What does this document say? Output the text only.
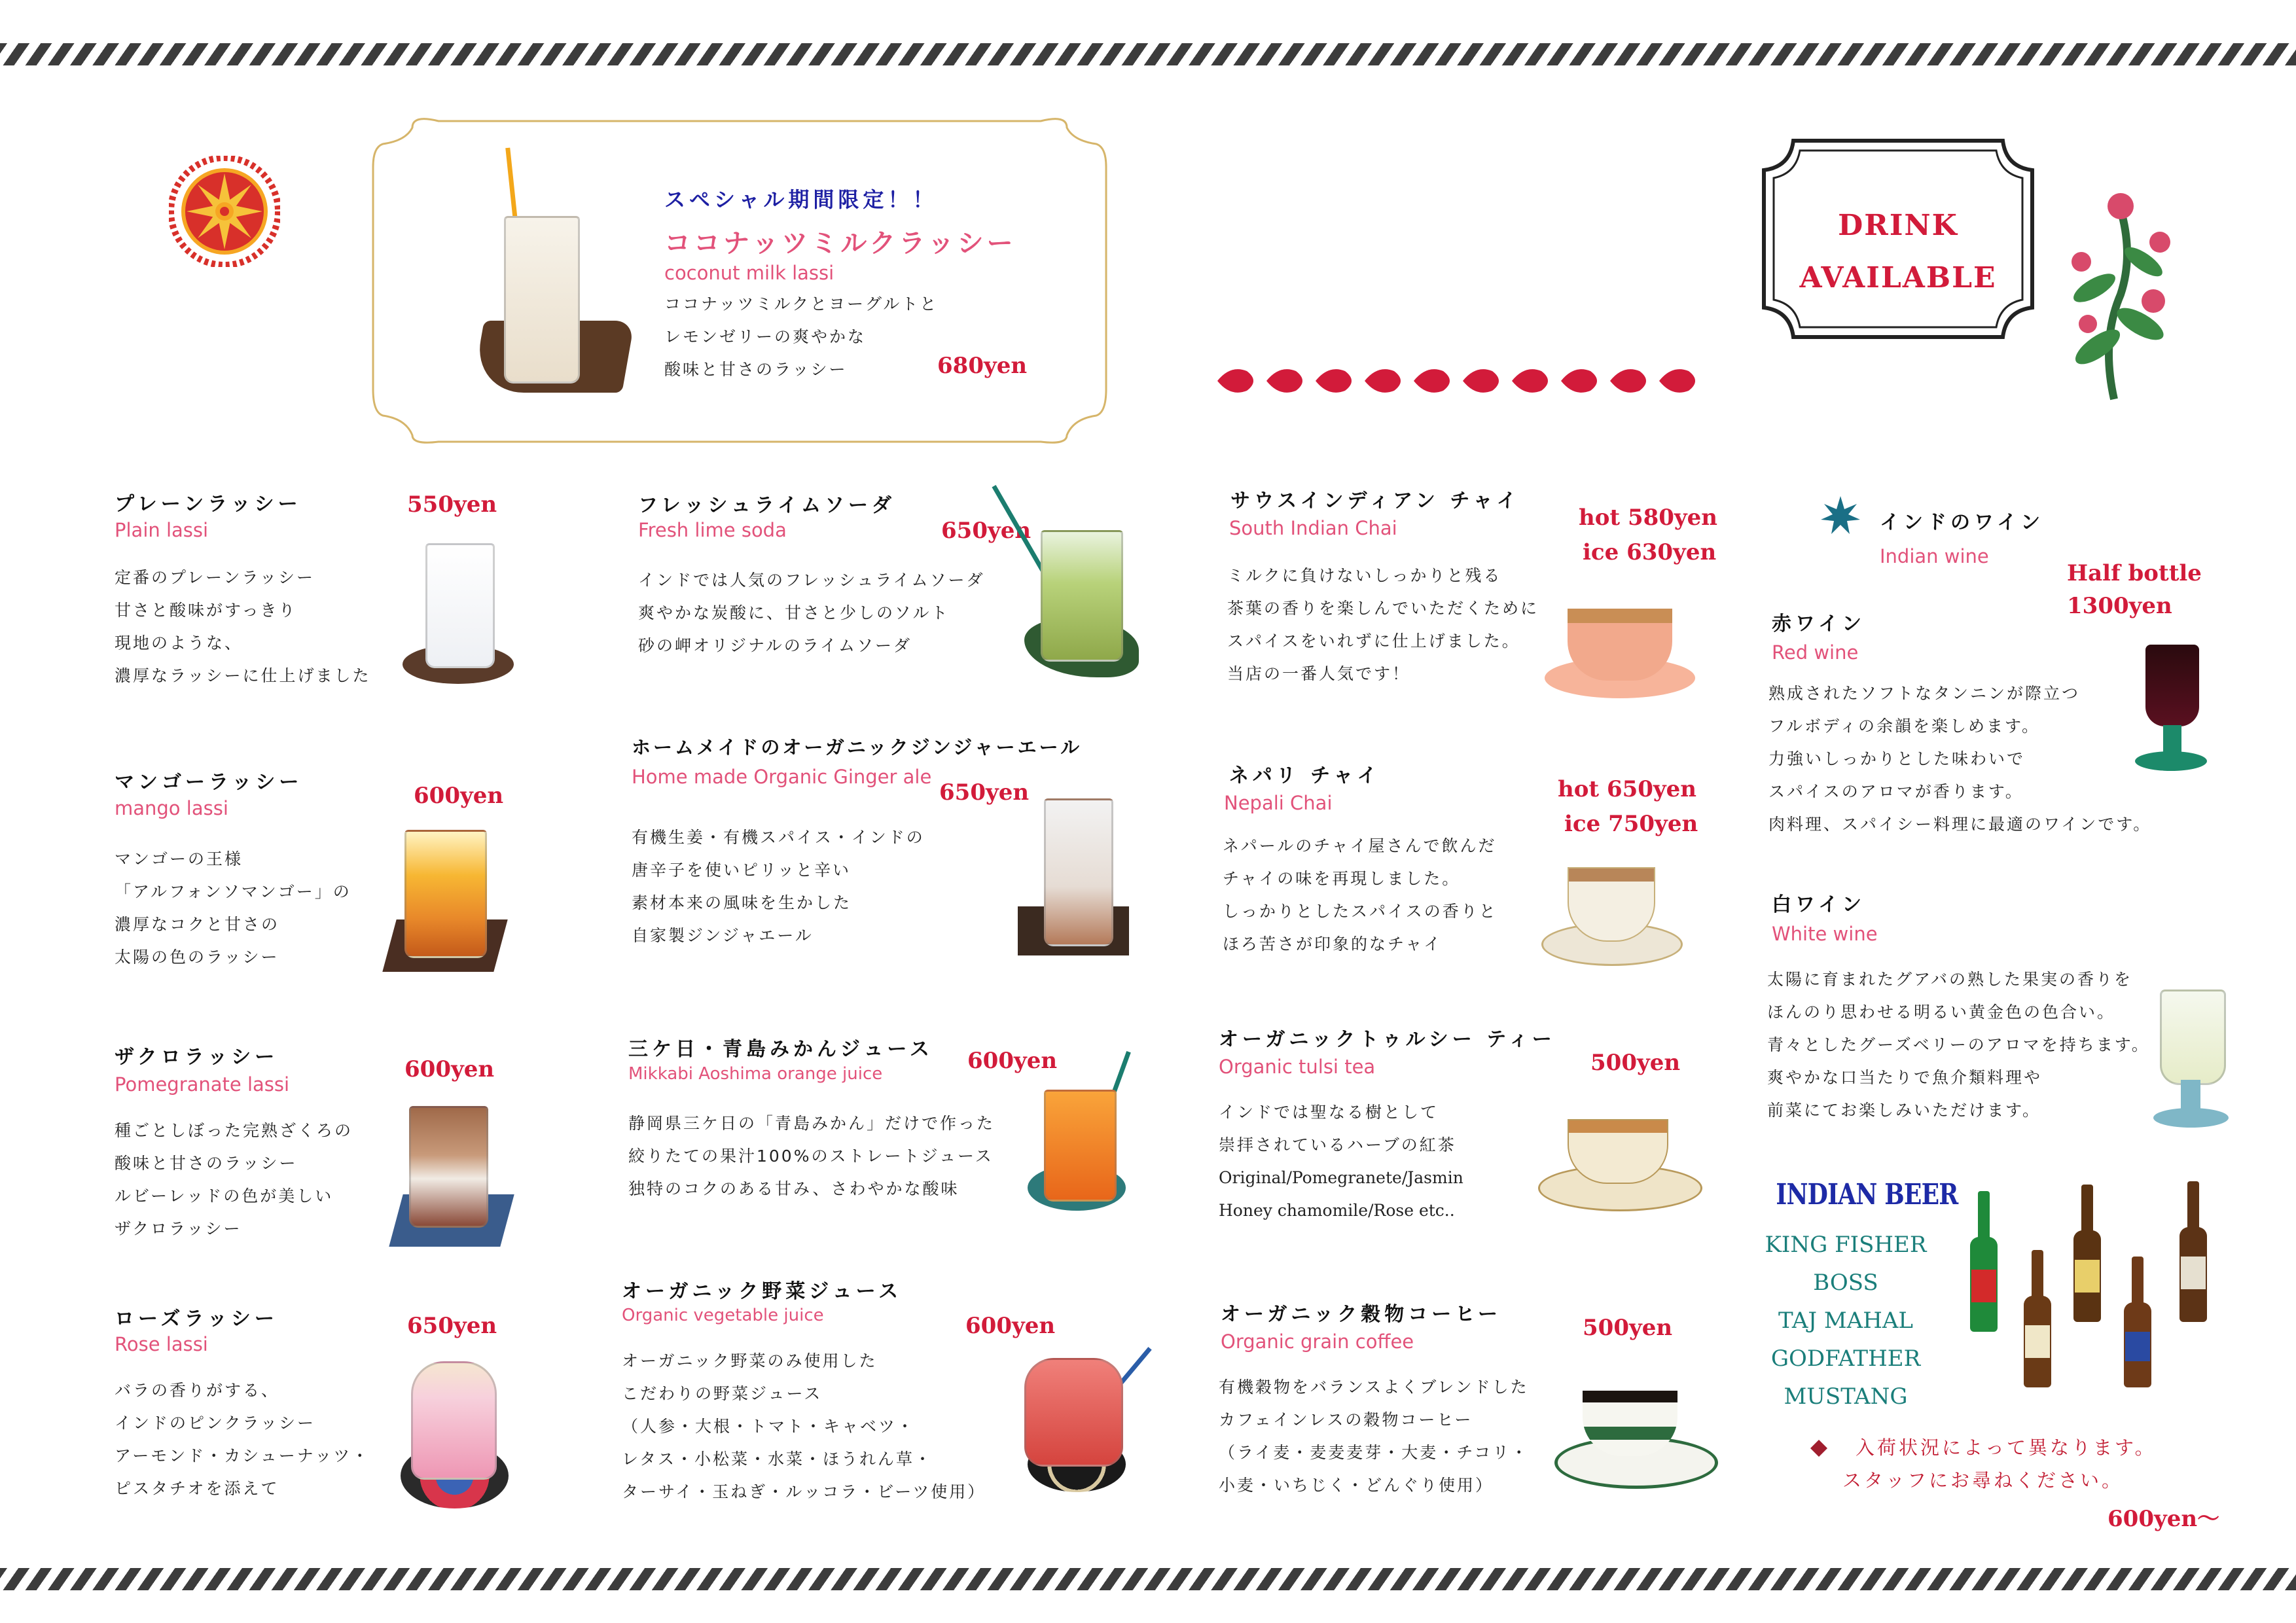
スペシャル期間限定！！
ココナッツミルクラッシー
coconut milk lassi
ココナッツミルクとヨーグルトと
レモンゼリーの爽やかな
酸味と甘さのラッシー	680yen
DRINK
AVAILABLE
プレーンラッシー
Plain lassi
550yen
定番のプレーンラッシー
甘さと酸味がすっきり
現地のような、
濃厚なラッシーに仕上げました
マンゴーラッシー
mango lassi	600yen
マンゴーの王様
「アルフォンソマンゴー」の
濃厚なコクと甘さの
太陽の色のラッシー
ザクロラッシー
Pomegranate lassi
600yen
種ごとしぼった完熟ざくろの
酸味と甘さのラッシー
ルビーレッドの色が美しい
ザクロラッシー
ローズラッシー
Rose lassi
650yen
バラの香りがする、
インドのピンクラッシー
アーモンド・カシューナッツ・
ピスタチオを添えて
フレッシュライムソーダ
Fresh lime soda	650yen
インドでは人気のフレッシュライムソーダ
爽やかな炭酸に、甘さと少しのソルト
砂の岬オリジナルのライムソーダ
ホームメイドのオーガニックジンジャーエール
Home made Organic Ginger ale
650yen
有機生姜・有機スパイス・インドの
唐辛子を使いピリッと辛い
素材本来の風味を生かした
自家製ジンジャエール
三ケ日・青島みかんジュース
Mikkabi Aoshima orange juice	600yen
静岡県三ケ日の「青島みかん」だけで作った
絞りたての果汁100%のストレートジュース
独特のコクのある甘み、さわやかな酸味
オーガニック野菜ジュース
Organic vegetable juice	600yen
オーガニック野菜のみ使用した
こだわりの野菜ジュース
（人参・大根・トマト・キャベツ・
レタス・小松菜・水菜・ほうれん草・
ターサイ・玉ねぎ・ルッコラ・ビーツ使用）
サウスインディアン チャイ
South Indian Chai	hot 580yen
ice 630yen
ミルクに負けないしっかりと残る
茶葉の香りを楽しんでいただくために
スパイスをいれずに仕上げました。
当店の一番人気です！
ネパリ チャイ
Nepali Chai
hot 650yen
ice 750yen
ネパールのチャイ屋さんで飲んだ
チャイの味を再現しました。
しっかりとしたスパイスの香りと
ほろ苦さが印象的なチャイ
オーガニックトゥルシー ティー
Organic tulsi tea	500yen
インドでは聖なる樹として
崇拝されているハーブの紅茶
Original/Pomegranete/Jasmin
Honey chamomile/Rose etc..
オーガニック穀物コーヒー
Organic grain coffee
500yen
有機穀物をバランスよくブレンドした
カフェインレスの穀物コーヒー
（ライ麦・麦麦麦芽・大麦・チコリ・
小麦・いちじく・どんぐり使用）
インドのワイン
Indian wine
Half bottle
1300yen
赤ワイン
Red wine
熟成されたソフトなタンニンが際立つ
フルボディの余韻を楽しめます。
力強いしっかりとした味わいで
スパイスのアロマが香ります。
肉料理、スパイシー料理に最適のワインです。
白ワイン
White wine
太陽に育まれたグアバの熟した果実の香りを
ほんのり思わせる明るい黄金色の色合い。
青々としたグーズベリーのアロマを持ちます。
爽やかな口当たりで魚介類料理や
前菜にてお楽しみいただけます。
INDIAN BEER
KING FISHER
BOSS
TAJ MAHAL
GODFATHER
MUSTANG
入荷状況によって異なります。
スタッフにお尋ねください。
600yen〜
